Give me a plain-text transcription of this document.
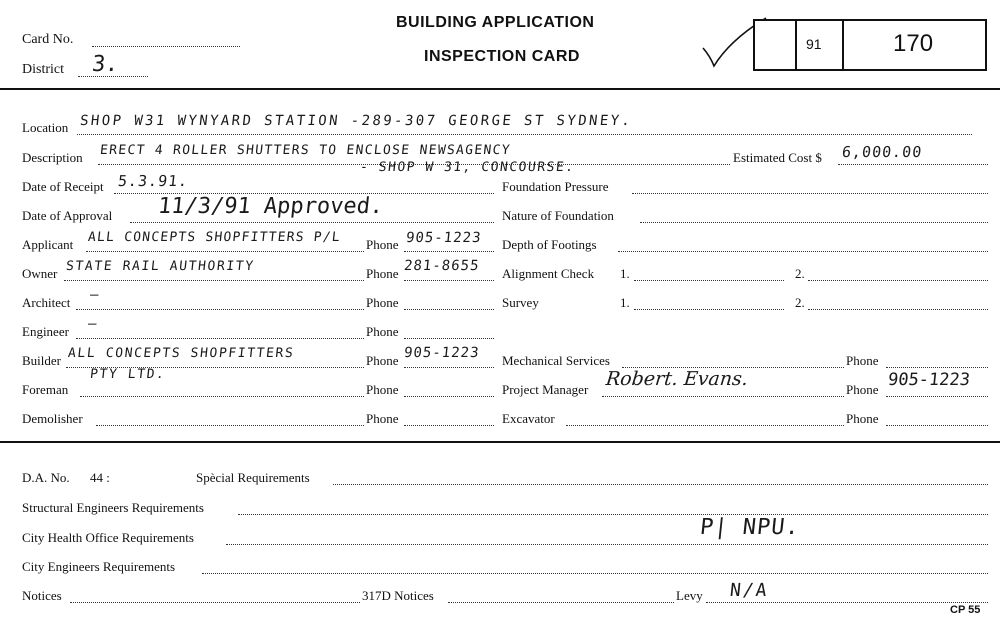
Card No.
District 3.
BUILDING APPLICATION
INSPECTION CARD
91	170
Location SHOP W31 WYNYARD STATION -289-307 GEORGE ST SYDNEY.
Description ERECT 4 ROLLER SHUTTERS TO ENCLOSE NEWSAGENCY
- SHOP W 31, CONCOURSE.
Estimated Cost $ 6,000.00
Date of Receipt 5.3.91.
Date of Approval 11/3/91 Approved.
Applicant ALL CONCEPTS SHOPFITTERS P/L Phone 905-1223
Owner STATE RAIL AUTHORITY	Phone 281-8655
Architect –	Phone
Engineer —	Phone
Builder ALL CONCEPTS SHOPFITTERS
PTY LTD.
Phone 905-1223
Foreman	Phone
Demolisher	Phone
Foundation Pressure
Nature of Foundation
Depth of Footings
Alignment Check 1.	2.
Survey	1.	2.
Mechanical Services	Phone
Project Manager Robert. Evans.	Phone 905-1223
Excavator	Phone
D.A. No. 44 :	Spècial Requirements
Structural Engineers Requirements
City Health Office Requirements	P| NPU.
City Engineers Requirements
Notices	317D Notices	Levy N/A
CP 55
